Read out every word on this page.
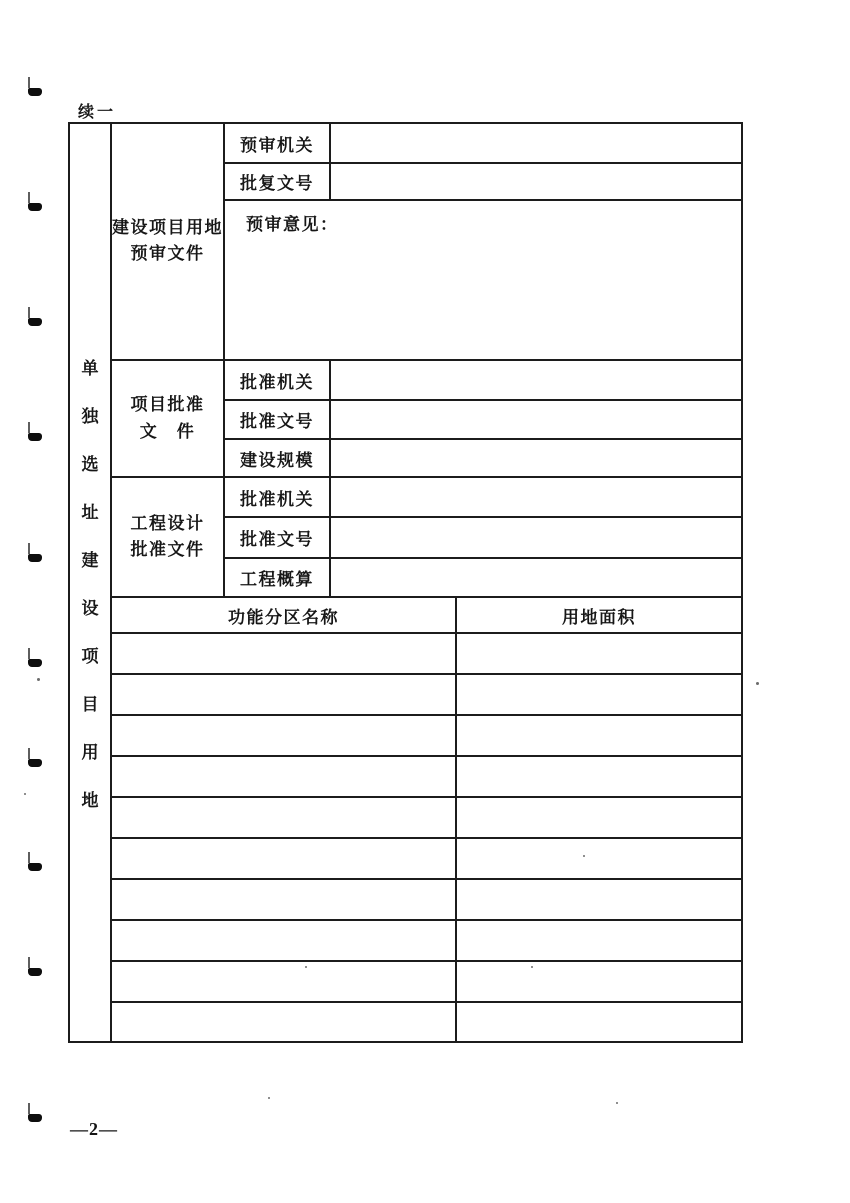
续一
单
独
选
址
建
设
项
目
用
地
建设项目用地
预审文件
预审机关
批复文号
预审意见：
项目批准
文　件
批准机关
批准文号
建设规模
工程设计
批准文件
批准机关
批准文号
工程概算
功能分区名称	用地面积
—2—
